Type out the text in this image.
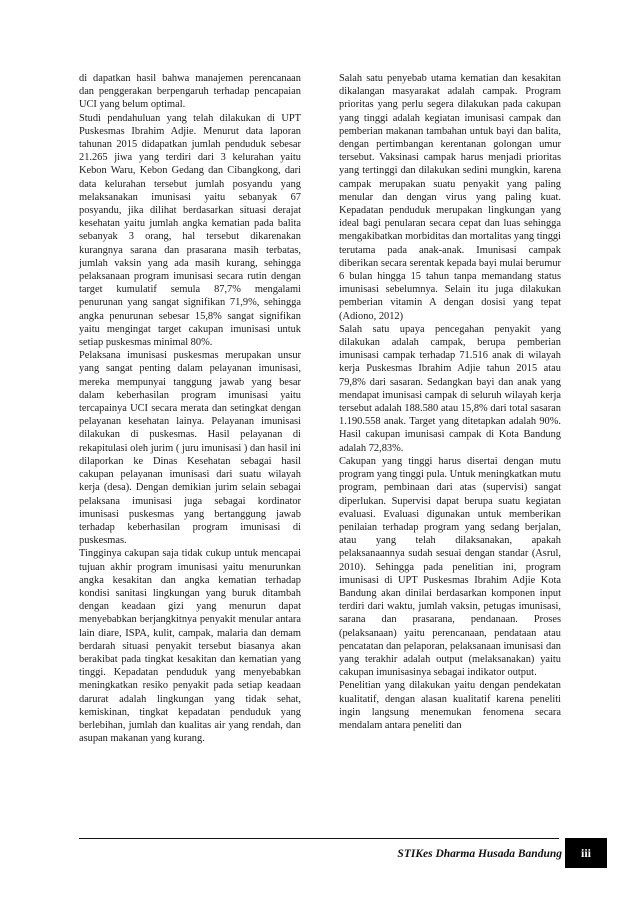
di dapatkan hasil bahwa manajemen perencanaan dan penggerakan berpengaruh terhadap pencapaian UCI yang belum optimal.

Studi pendahuluan yang telah dilakukan di UPT Puskesmas Ibrahim Adjie. Menurut data laporan tahunan 2015 didapatkan jumlah penduduk sebesar 21.265 jiwa yang terdiri dari 3 kelurahan yaitu Kebon Waru, Kebon Gedang dan Cibangkong, dari data kelurahan tersebut jumlah posyandu yang melaksanakan imunisasi yaitu sebanyak 67 posyandu, jika dilihat berdasarkan situasi derajat kesehatan yaitu jumlah angka kematian pada balita sebanyak 3 orang, hal tersebut dikarenakan kurangnya sarana dan prasarana masih terbatas, jumlah vaksin yang ada masih kurang, sehingga pelaksanaan program imunisasi secara rutin dengan target kumulatif semula 87,7% mengalami penurunan yang sangat signifikan 71,9%, sehingga angka penurunan sebesar 15,8% sangat signifikan yaitu mengingat target cakupan imunisasi untuk setiap puskesmas minimal 80%.

Pelaksana imunisasi puskesmas merupakan unsur yang sangat penting dalam pelayanan imunisasi, mereka mempunyai tanggung jawab yang besar dalam keberhasilan program imunisasi yaitu tercapainya UCI secara merata dan setingkat dengan pelayanan kesehatan lainya. Pelayanan imunisasi dilakukan di puskesmas. Hasil pelayanan di rekapitulasi oleh jurim ( juru imunisasi ) dan hasil ini dilaporkan ke Dinas Kesehatan sebagai hasil cakupan pelayanan imunisasi dari suatu wilayah kerja (desa). Dengan demikian jurim selain sebagai pelaksana imunisasi juga sebagai kordinator imunisasi puskesmas yang bertanggung jawab terhadap keberhasilan program imunisasi di puskesmas.

Tingginya cakupan saja tidak cukup untuk mencapai tujuan akhir program imunisasi yaitu menurunkan angka kesakitan dan angka kematian terhadap kondisi sanitasi lingkungan yang buruk ditambah dengan keadaan gizi yang menurun dapat menyebabkan berjangkitnya penyakit menular antara lain diare, ISPA, kulit, campak, malaria dan demam berdarah situasi penyakit tersebut biasanya akan berakibat pada tingkat kesakitan dan kematian yang tinggi. Kepadatan penduduk yang menyebabkan meningkatkan resiko penyakit pada setiap keadaan darurat adalah lingkungan yang tidak sehat, kemiskinan, tingkat kepadatan penduduk yang berlebihan, jumlah dan kualitas air yang rendah, dan asupan makanan yang kurang.

Salah satu penyebab utama kematian dan kesakitan dikalangan masyarakat adalah campak. Program prioritas yang perlu segera dilakukan pada cakupan yang tinggi adalah kegiatan imunisasi campak dan pemberian makanan tambahan untuk bayi dan balita, dengan pertimbangan kerentanan golongan umur tersebut. Vaksinasi campak harus menjadi prioritas yang tertinggi dan dilakukan sedini mungkin, karena campak merupakan suatu penyakit yang paling menular dan dengan virus yang paling kuat. Kepadatan penduduk merupakan lingkungan yang ideal bagi penularan secara cepat dan luas sehingga mengakibatkan morbiditas dan mortalitas yang tinggi terutama pada anak-anak. Imunisasi campak diberikan secara serentak kepada bayi mulai berumur 6 bulan hingga 15 tahun tanpa memandang status imunisasi sebelumnya. Selain itu juga dilakukan pemberian vitamin A dengan dosisi yang tepat (Adiono, 2012)

Salah satu upaya pencegahan penyakit yang dilakukan adalah campak, berupa pemberian imunisasi campak terhadap 71.516 anak di wilayah kerja Puskesmas Ibrahim Adjie tahun 2015 atau 79,8% dari sasaran. Sedangkan bayi dan anak yang mendapat imunisasi campak di seluruh wilayah kerja tersebut adalah 188.580 atau 15,8% dari total sasaran 1.190.558 anak. Target yang ditetapkan adalah 90%. Hasil cakupan imunisasi campak di Kota Bandung adalah 72,83%.

Cakupan yang tinggi harus disertai dengan mutu program yang tinggi pula. Untuk meningkatkan mutu program, pembinaan dari atas (supervisi) sangat diperlukan. Supervisi dapat berupa suatu kegiatan evaluasi. Evaluasi digunakan untuk memberikan penilaian terhadap program yang sedang berjalan, atau yang telah dilaksanakan, apakah pelaksanaannya sudah sesuai dengan standar (Asrul, 2010). Sehingga pada penelitian ini, program imunisasi di UPT Puskesmas Ibrahim Adjie Kota Bandung akan dinilai berdasarkan komponen input terdiri dari waktu, jumlah vaksin, petugas imunisasi, sarana dan prasarana, pendanaan. Proses (pelaksanaan) yaitu perencanaan, pendataan atau pencatatan dan pelaporan, pelaksanaan imunisasi dan yang terakhir adalah output (melaksanakan) yaitu cakupan imunisasinya sebagai indikator output.

Penelitian yang dilakukan yaitu dengan pendekatan kualitatif, dengan alasan kualitatif karena peneliti ingin langsung menemukan fenomena secara mendalam antara peneliti dan

STIKes Dharma Husada Bandung iii
